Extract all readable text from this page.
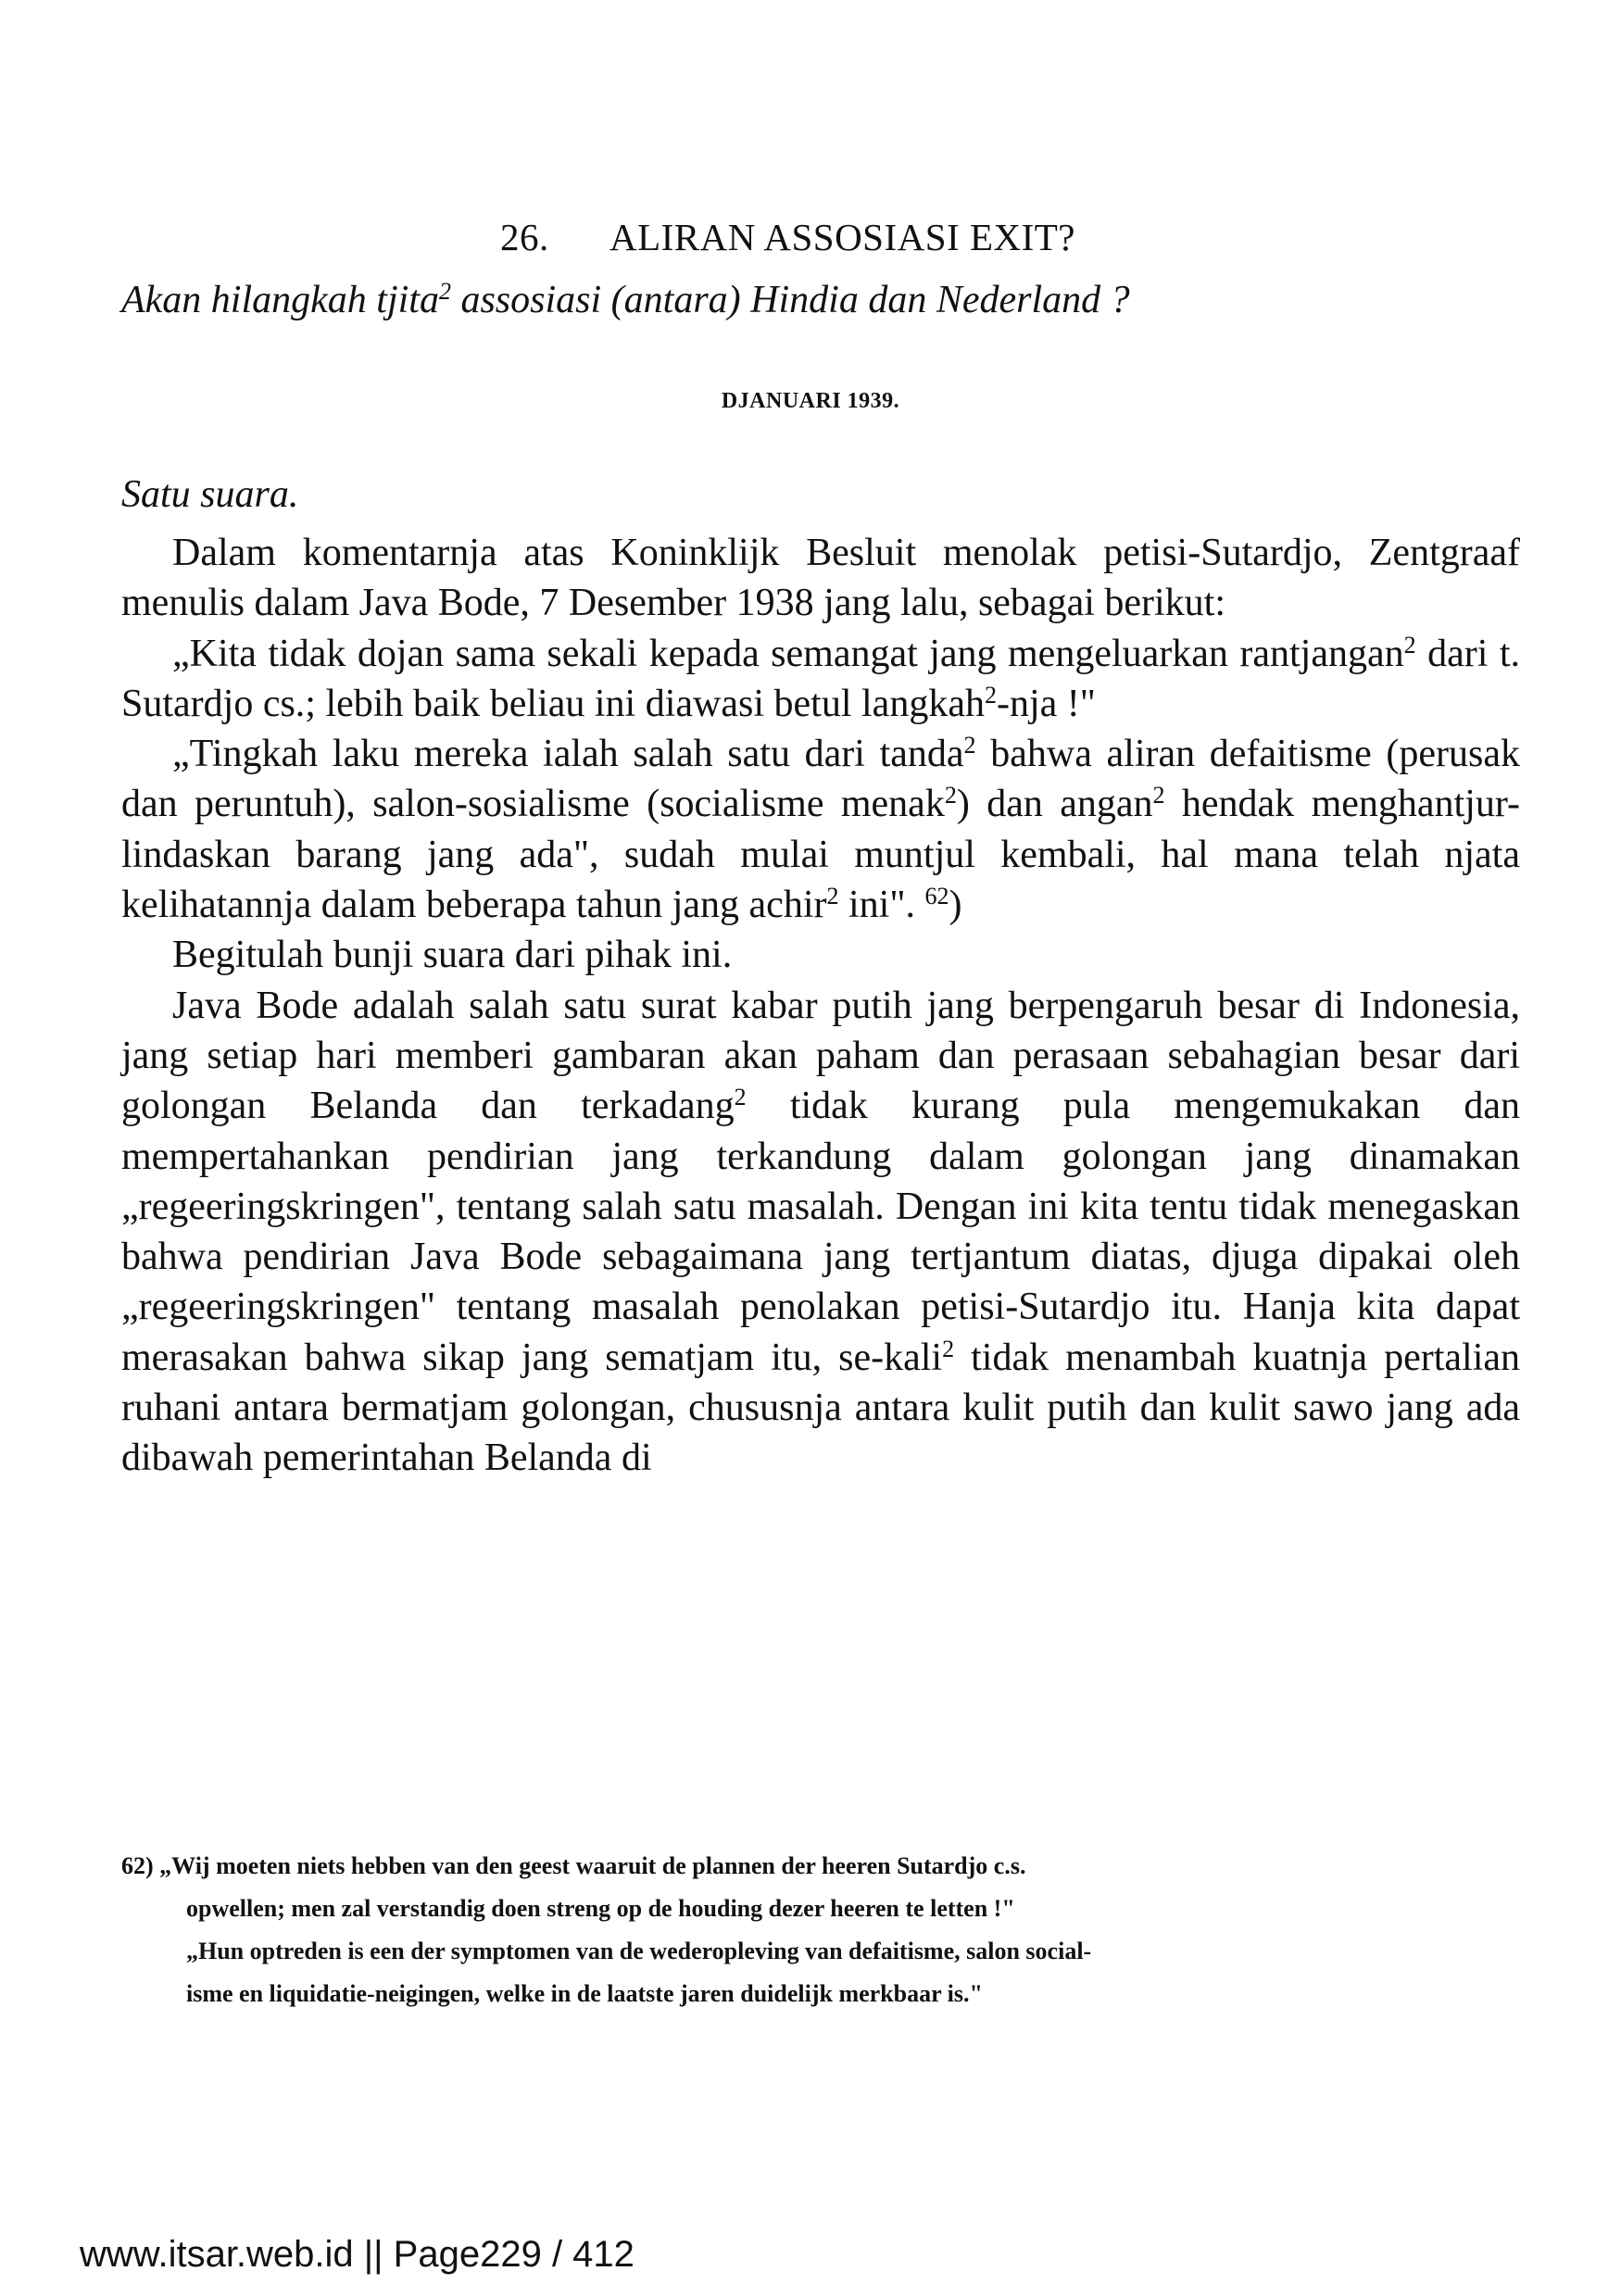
26. ALIRAN ASSOSIASI EXIT?
Akan hilangkah tjita$^2$ assosiasi (antara) Hindia dan Nederland ?
DJANUARI 1939.
Satu suara.

Dalam komentarnja atas Koninklijk Besluit menolak petisi-Sutardjo, Zentgraaf menulis dalam Java Bode, 7 Desember 1938 jang lalu, sebagai berikut:

„Kita tidak dojan sama sekali kepada semangat jang mengeluarkan rantjangan$^2$ dari t. Sutardjo cs.; lebih baik beliau ini diawasi betul langkah$^2$-nja !"

„Tingkah laku mereka ialah salah satu dari tanda$^2$ bahwa aliran defaitisme (perusak dan peruntuh), salon-sosialisme (socialisme menak$^2$) dan angan$^2$ hendak menghantjur-lindaskan barang jang ada", sudah mulai muntjul kembali, hal mana telah njata kelihatannja dalam beberapa tahun jang achir$^2$ ini". $^{62}$)

Begitulah bunji suara dari pihak ini.

Java Bode adalah salah satu surat kabar putih jang berpengaruh besar di Indonesia, jang setiap hari memberi gambaran akan paham dan perasaan sebahagian besar dari golongan Belanda dan terkadang$^2$ tidak kurang pula mengemukakan dan mempertahankan pendirian jang terkandung dalam golongan jang dinamakan „regeeringskringen", tentang salah satu masalah. Dengan ini kita tentu tidak menegaskan bahwa pendirian Java Bode sebagaimana jang tertjantum diatas, djuga dipakai oleh „regeeringskringen" tentang masalah penolakan petisi-Sutardjo itu. Hanja kita dapat merasakan bahwa sikap jang sematjam itu, se-kali$^2$ tidak menambah kuatnja pertalian ruhani antara bermatjam golongan, chususnja antara kulit putih dan kulit sawo jang ada dibawah pemerintahan Belanda di

62) „Wij moeten niets hebben van den geest waaruit de plannen der heeren Sutardjo c.s.
opwellen; men zal verstandig doen streng op de houding dezer heeren te letten !"
„Hun optreden is een der symptomen van de wederopleving van defaitisme, salon social-
isme en liquidatie-neigingen, welke in de laatste jaren duidelijk merkbaar is."
www.itsar.web.id || Page229 / 412
